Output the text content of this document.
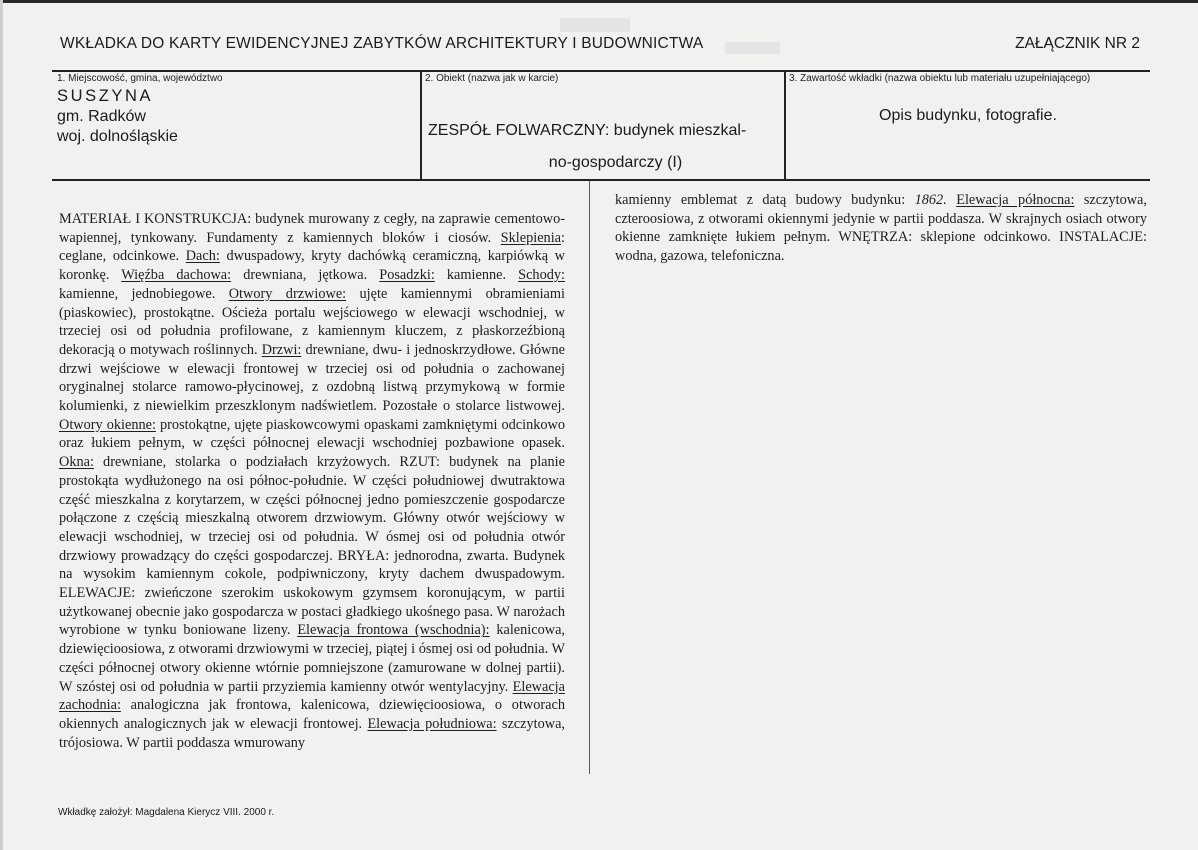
WKŁADKA DO KARTY EWIDENCYJNEJ ZABYTKÓW ARCHITEKTURY I BUDOWNICTWA	ZAŁĄCZNIK NR 2
1. Miejscowość, gmina, województwo
SUSZYNA
gm. Radków
woj. dolnośląskie
2. Obiekt (nazwa jak w karcie)
ZESPÓŁ FOLWARCZNY: budynek mieszkal-
no-gospodarczy (I)
3. Zawartość wkładki (nazwa obiektu lub materiału uzupełniającego)
Opis budynku, fotografie.
MATERIAŁ I KONSTRUKCJA: budynek murowany z cegły, na zaprawie cementowo-wapiennej, tynkowany. Fundamenty z kamiennych bloków i ciosów. Sklepienia: ceglane, odcinkowe. Dach: dwuspadowy, kryty dachówką ceramiczną, karpiówką w koronkę. Więźba dachowa: drewniana, jętkowa. Posadzki: kamienne. Schody: kamienne, jednobiegowe. Otwory drzwiowe: ujęte kamiennymi obramieniami (piaskowiec), prostokątne. Ościeża portalu wejściowego w elewacji wschodniej, w trzeciej osi od południa profilowane, z kamiennym kluczem, z płaskorzeźbioną dekoracją o motywach roślinnych. Drzwi: drewniane, dwu- i jednoskrzydłowe. Główne drzwi wejściowe w elewacji frontowej w trzeciej osi od południa o zachowanej oryginalnej stolarce ramowo-płycinowej, z ozdobną listwą przymykową w formie kolumienki, z niewielkim przeszklonym nadświetlem. Pozostałe o stolarce listwowej. Otwory okienne: prostokątne, ujęte piaskowcowymi opaskami zamkniętymi odcinkowo oraz łukiem pełnym, w części północnej elewacji wschodniej pozbawione opasek. Okna: drewniane, stolarka o podziałach krzyżowych. RZUT: budynek na planie prostokąta wydłużonego na osi północ-południe. W części południowej dwutraktowa część mieszkalna z korytarzem, w części północnej jedno pomieszczenie gospodarcze połączone z częścią mieszkalną otworem drzwiowym. Główny otwór wejściowy w elewacji wschodniej, w trzeciej osi od południa. W ósmej osi od południa otwór drzwiowy prowadzący do części gospodarczej. BRYŁA: jednorodna, zwarta. Budynek na wysokim kamiennym cokole, podpiwniczony, kryty dachem dwuspadowym. ELEWACJE: zwieńczone szerokim uskokowym gzymsem koronującym, w partii użytkowanej obecnie jako gospodarcza w postaci gładkiego ukośnego pasa. W narożach wyrobione w tynku boniowane lizeny. Elewacja frontowa (wschodnia): kalenicowa, dziewięcioosiowa, z otworami drzwiowymi w trzeciej, piątej i ósmej osi od południa. W części północnej otwory okienne wtórnie pomniejszone (zamurowane w dolnej partii). W szóstej osi od południa w partii przyziemia kamienny otwór wentylacyjny. Elewacja zachodnia: analogiczna jak frontowa, kalenicowa, dziewięcioosiowa, o otworach okiennych analogicznych jak w elewacji frontowej. Elewacja południowa: szczytowa, trójosiowa. W partii poddasza wmurowany
kamienny emblemat z datą budowy budynku: 1862. Elewacja północna: szczytowa, czteroosiowa, z otworami okiennymi jedynie w partii poddasza. W skrajnych osiach otwory okienne zamknięte łukiem pełnym. WNĘTRZA: sklepione odcinkowo. INSTALACJE: wodna, gazowa, telefoniczna.
Wkładkę założył: Magdalena Kierycz VIII. 2000 r.
